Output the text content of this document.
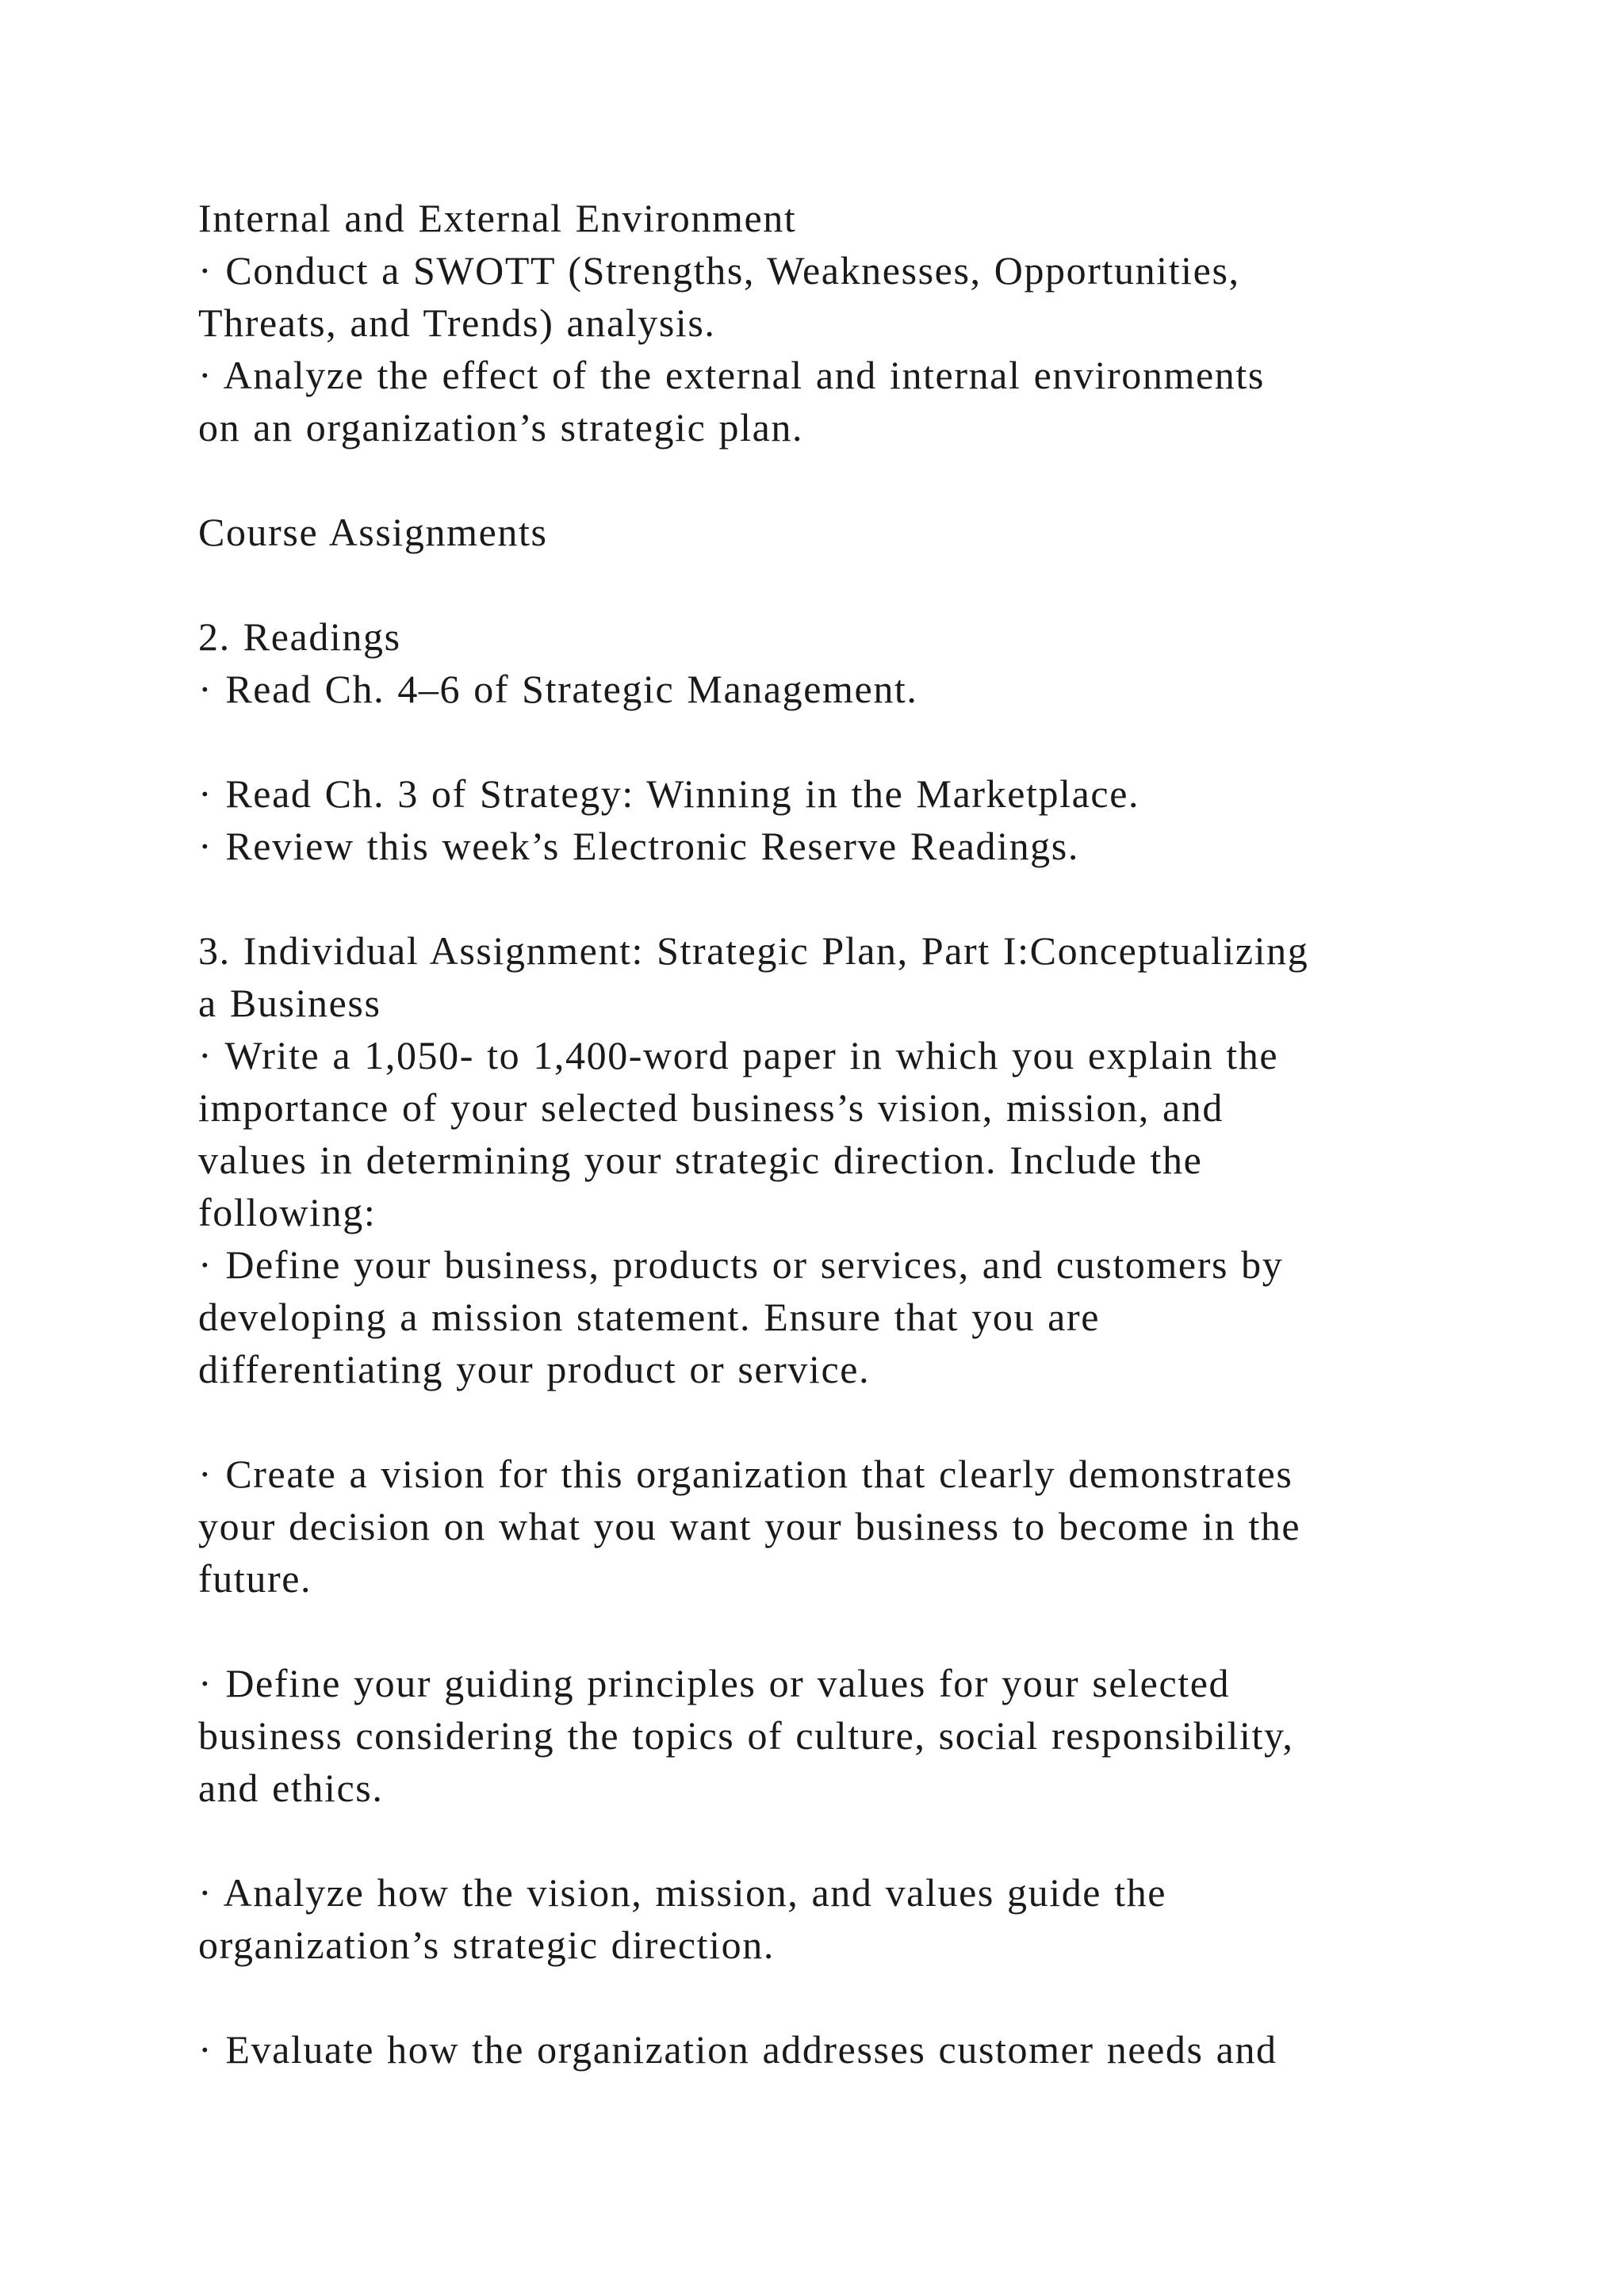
Internal and External Environment
· Conduct a SWOTT (Strengths, Weaknesses, Opportunities,
Threats, and Trends) analysis.
· Analyze the effect of the external and internal environments
on an organization’s strategic plan.
Course Assignments
2. Readings
· Read Ch. 4–6 of Strategic Management.
· Read Ch. 3 of Strategy: Winning in the Marketplace.
· Review this week’s Electronic Reserve Readings.
3. Individual Assignment: Strategic Plan, Part I:Conceptualizing
a Business
· Write a 1,050- to 1,400-word paper in which you explain the
importance of your selected business’s vision, mission, and
values in determining your strategic direction. Include the
following:
· Define your business, products or services, and customers by
developing a mission statement. Ensure that you are
differentiating your product or service.
· Create a vision for this organization that clearly demonstrates
your decision on what you want your business to become in the
future.
· Define your guiding principles or values for your selected
business considering the topics of culture, social responsibility,
and ethics.
· Analyze how the vision, mission, and values guide the
organization’s strategic direction.
· Evaluate how the organization addresses customer needs and
